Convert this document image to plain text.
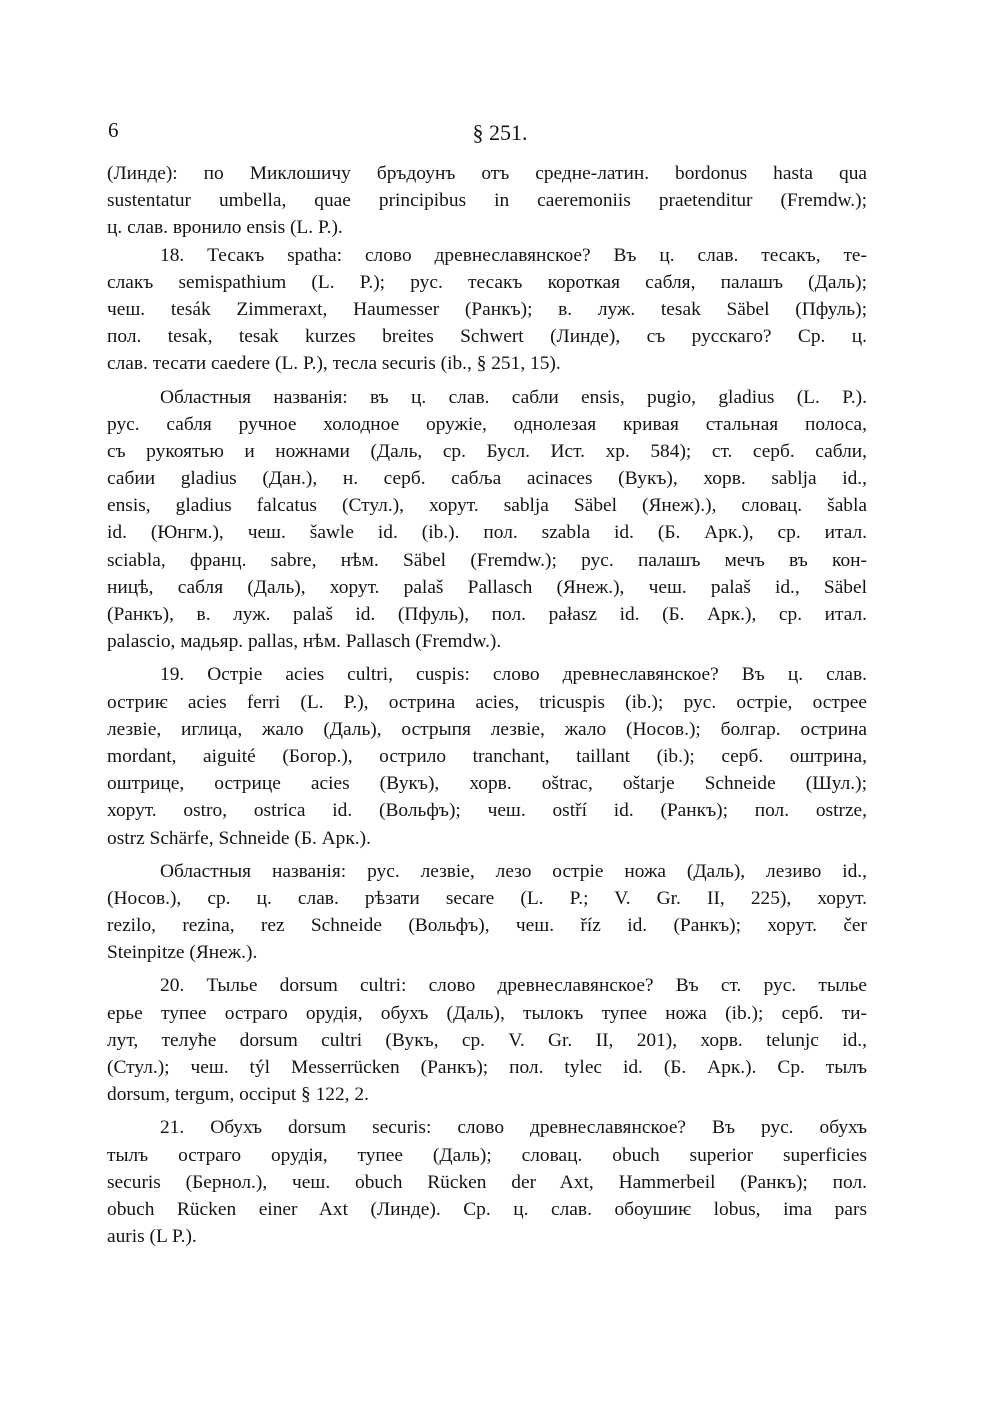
6	§ 251.
(Линде): по Миклошичу бръдоунъ отъ средне-латин. bordonus hasta qua
sustentatur umbella, quae principibus in caeremoniis praetenditur (Fremdw.);
ц. слав. вронило ensis (L. P.).
18. Тесакъ spatha: слово древнеславянское? Въ ц. слав. тесакъ, те-
слакъ semispathium (L. P.); рус. тесакъ короткая сабля, палашъ (Даль);
чеш. tesák Zimmeraxt, Haumesser (Ранкъ); в. луж. tesak Säbel (Пфуль);
пол. tesak, tesak kurzes breites Schwert (Линде), съ русскаго? Ср. ц.
слав. тесати caedere (L. P.), тесла securis (ib., § 251, 15).
Областныя названія: въ ц. слав. сабли ensis, pugio, gladius (L. P.).
рус. сабля ручное холодное оружіе, однолезая кривая стальная полоса,
съ рукоятью и ножнами (Даль, ср. Бусл. Ист. хр. 584); ст. серб. сабли,
сабии gladius (Дан.), н. серб. сабља acinaces (Вукъ), хорв. sablja id.,
ensis, gladius falcatus (Стул.), хорут. sablja Säbel (Янеж).), словац. šabla
id. (Юнгм.), чеш. šawle id. (ib.). пол. szabla id. (Б. Арк.), ср. итал.
sciabla, франц. sabre, нѣм. Säbel (Fremdw.); рус. палашъ мечъ въ кон-
ницѣ, сабля (Даль), хорут. palaš Pallasch (Янеж.), чеш. palaš id., Säbel
(Ранкъ), в. луж. palaš id. (Пфуль), пол. pałasz id. (Б. Арк.), ср. итал.
palascio, мадьяр. pallas, нѣм. Pallasch (Fremdw.).
19. Остріе acies cultri, cuspis: слово древнеславянское? Въ ц. слав.
остриѥ acies ferri (L. P.), острина acies, tricuspis (ib.); рус. остріе, острее
лезвіе, иглица, жало (Даль), острыпя лезвіе, жало (Носов.); болгар. острина
mordant, aiguité (Богор.), острило tranchant, taillant (ib.); серб. оштрина,
оштрице, острице acies (Вукъ), хорв. oštrac, oštarje Schneide (Шул.);
хорут. ostro, ostrica id. (Вольфъ); чеш. ostří id. (Ранкъ); пол. ostrze,
ostrz Schärfe, Schneide (Б. Арк.).
Областныя названія: рус. лезвіе, лезо остріе ножа (Даль), лезиво id.,
(Носов.), ср. ц. слав. рѣзати secare (L. P.; V. Gr. II, 225), хорут.
rezilo, rezina, rez Schneide (Вольфъ), чеш. říz id. (Ранкъ); хорут. čer
Steinpitze (Янеж.).
20. Тылье dorsum cultri: слово древнеславянское? Въ ст. рус. тылье
ерье тупее остраго орудія, обухъ (Даль), тылокъ тупее ножа (ib.); серб. ти-
лут, телуће dorsum cultri (Вукъ, ср. V. Gr. II, 201), хорв. telunjc id.,
(Стул.); чеш. týl Messerrücken (Ранкъ); пол. tylec id. (Б. Арк.). Ср. тылъ
dorsum, tergum, occiput § 122, 2.
21. Обухъ dorsum securis: слово древнеславянское? Въ рус. обухъ
тылъ остраго орудія, тупее (Даль); словац. obuch superior superficies
securis (Бернол.), чеш. obuch Rücken der Axt, Hammerbeil (Ранкъ); пол.
obuch Rücken einer Axt (Линде). Ср. ц. слав. обоушиѥ lobus, ima pars
auris (L P.).
